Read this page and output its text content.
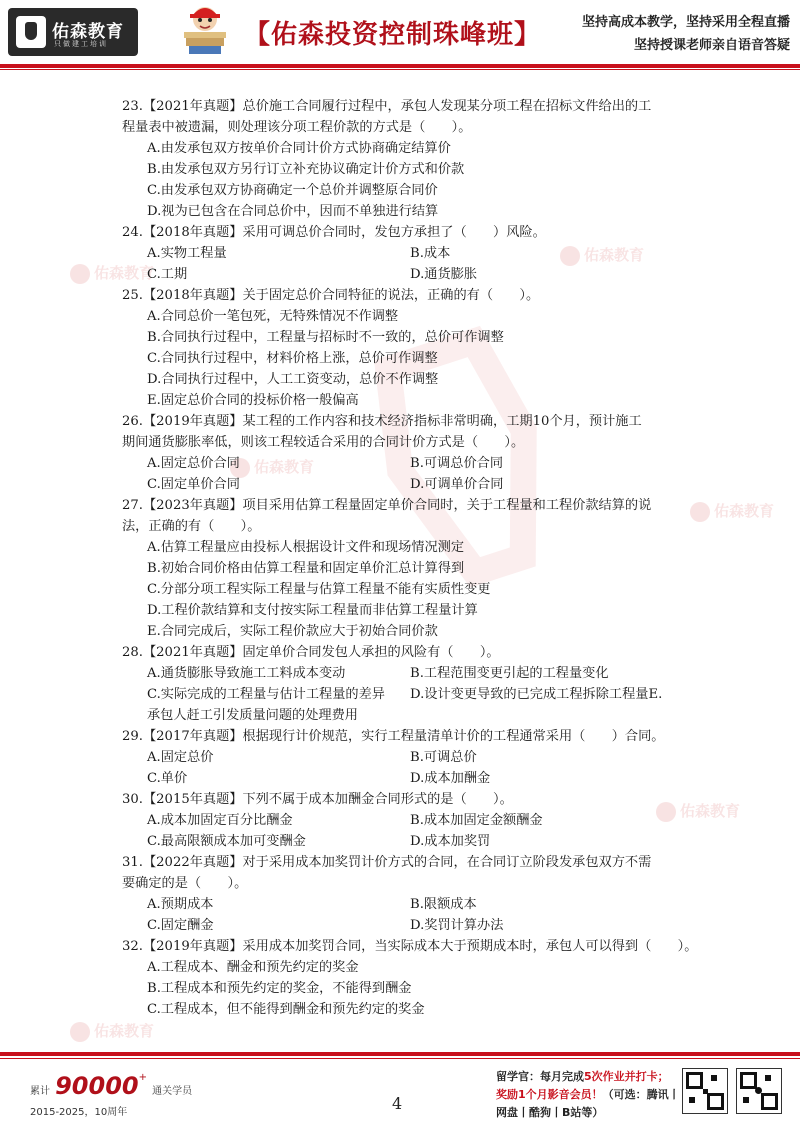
佑森教育
只做建工培训	【佑森投资控制珠峰班】	坚持高成本教学，坚持采用全程直播
坚持授课老师亲自语音答疑
佑森教育
佑森教育
佑森教育
佑森教育
佑森教育
佑森教育
23.【2021年真题】总价施工合同履行过程中，承包人发现某分项工程在招标文件给出的工
程量表中被遗漏，则处理该分项工程价款的方式是（　　）。
A.由发承包双方按单价合同计价方式协商确定结算价
B.由发承包双方另行订立补充协议确定计价方式和价款
C.由发承包双方协商确定一个总价并调整原合同价
D.视为已包含在合同总价中，因而不单独进行结算
24.【2018年真题】采用可调总价合同时，发包方承担了（　　）风险。
A.实物工程量	B.成本
C.工期	D.通货膨胀
25.【2018年真题】关于固定总价合同特征的说法，正确的有（　　）。
A.合同总价一笔包死，无特殊情况不作调整
B.合同执行过程中，工程量与招标时不一致的，总价可作调整
C.合同执行过程中，材料价格上涨，总价可作调整
D.合同执行过程中，人工工资变动，总价不作调整
E.固定总价合同的投标价格一般偏高
26.【2019年真题】某工程的工作内容和技术经济指标非常明确，工期10个月，预计施工
期间通货膨胀率低，则该工程较适合采用的合同计价方式是（　　）。
A.固定总价合同	B.可调总价合同
C.固定单价合同	D.可调单价合同
27.【2023年真题】项目采用估算工程量固定单价合同时，关于工程量和工程价款结算的说
法，正确的有（　　）。
A.估算工程量应由投标人根据设计文件和现场情况测定
B.初始合同价格由估算工程量和固定单价汇总计算得到
C.分部分项工程实际工程量与估算工程量不能有实质性变更
D.工程价款结算和支付按实际工程量而非估算工程量计算
E.合同完成后，实际工程价款应大于初始合同价款
28.【2021年真题】固定单价合同发包人承担的风险有（　　）。
A.通货膨胀导致施工工料成本变动	B.工程范围变更引起的工程量变化
C.实际完成的工程量与估计工程量的差异 D.设计变更导致的已完成工程拆除工程量E.
承包人赶工引发质量问题的处理费用
29.【2017年真题】根据现行计价规范，实行工程量清单计价的工程通常采用（　　）合同。
A.固定总价	B.可调总价
C.单价	D.成本加酬金
30.【2015年真题】下列不属于成本加酬金合同形式的是（　　）。
A.成本加固定百分比酬金	B.成本加固定金额酬金
C.最高限额成本加可变酬金	D.成本加奖罚
31.【2022年真题】对于采用成本加奖罚计价方式的合同，在合同订立阶段发承包双方不需
要确定的是（　　）。
A.预期成本	B.限额成本
C.固定酬金	D.奖罚计算办法
32.【2019年真题】采用成本加奖罚合同，当实际成本大于预期成本时，承包人可以得到（　　）。
A.工程成本、酬金和预先约定的奖金
B.工程成本和预先约定的奖金，不能得到酬金
C.工程成本，但不能得到酬金和预先约定的奖金
累计 90000+ 通关学员
2015-2025，10周年	4
留学官：每月完成5次作业并打卡；
奖励1个月影音会员！（可选：腾讯丨
网盘丨酷狗丨B站等）
